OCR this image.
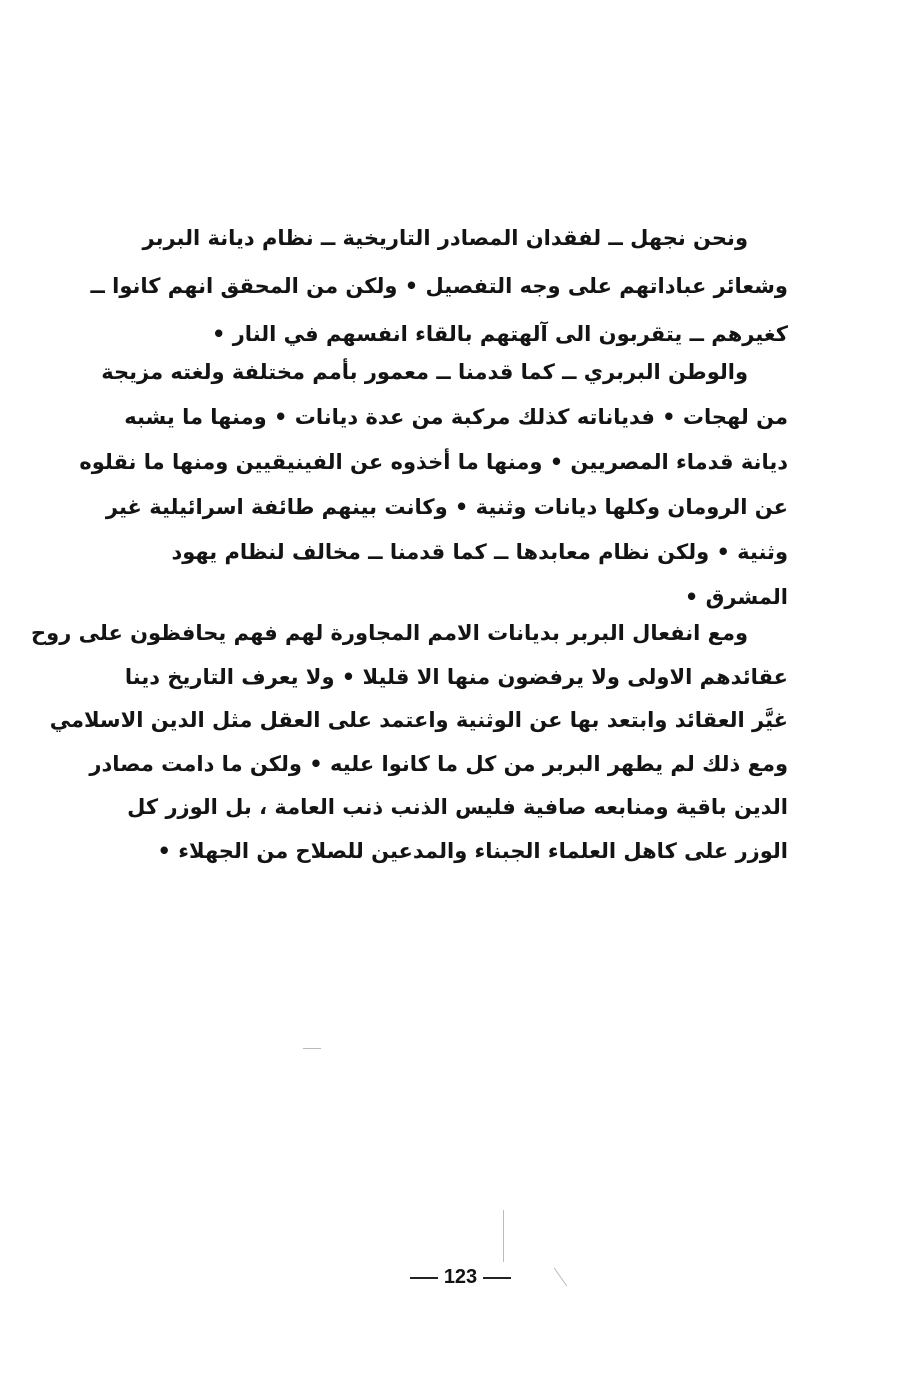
ونحن نجهل ــ لفقدان المصادر التاريخية ــ نظام ديانة البربر
وشعائر عباداتهم على وجه التفصيل • ولكن من المحقق انهم كانوا ــ
كغيرهم ــ يتقربون الى آلهتهم بالقاء انفسهم في النار •
والوطن البربري ــ كما قدمنا ــ معمور بأمم مختلفة ولغته مزيجة
من لهجات • فدياناته كذلك مركبة من عدة ديانات • ومنها ما يشبه
ديانة قدماء المصريين • ومنها ما أخذوه عن الفينيقيين ومنها ما نقلوه
عن الرومان وكلها ديانات وثنية • وكانت بينهم طائفة اسرائيلية غير
وثنية • ولكن نظام معابدها ــ كما قدمنا ــ مخالف لنظام يهود
المشرق •
ومع انفعال البربر بديانات الامم المجاورة لهم فهم يحافظون على روح
عقائدهم الاولى ولا يرفضون منها الا قليلا • ولا يعرف التاريخ دينا
غيَّر العقائد وابتعد بها عن الوثنية واعتمد على العقل مثل الدين الاسلامي
ومع ذلك لم يطهر البربر من كل ما كانوا عليه • ولكن ما دامت مصادر
الدين باقية ومنابعه صافية فليس الذنب ذنب العامة ، بل الوزر كل
الوزر على كاهل العلماء الجبناء والمدعين للصلاح من الجهلاء •
123
